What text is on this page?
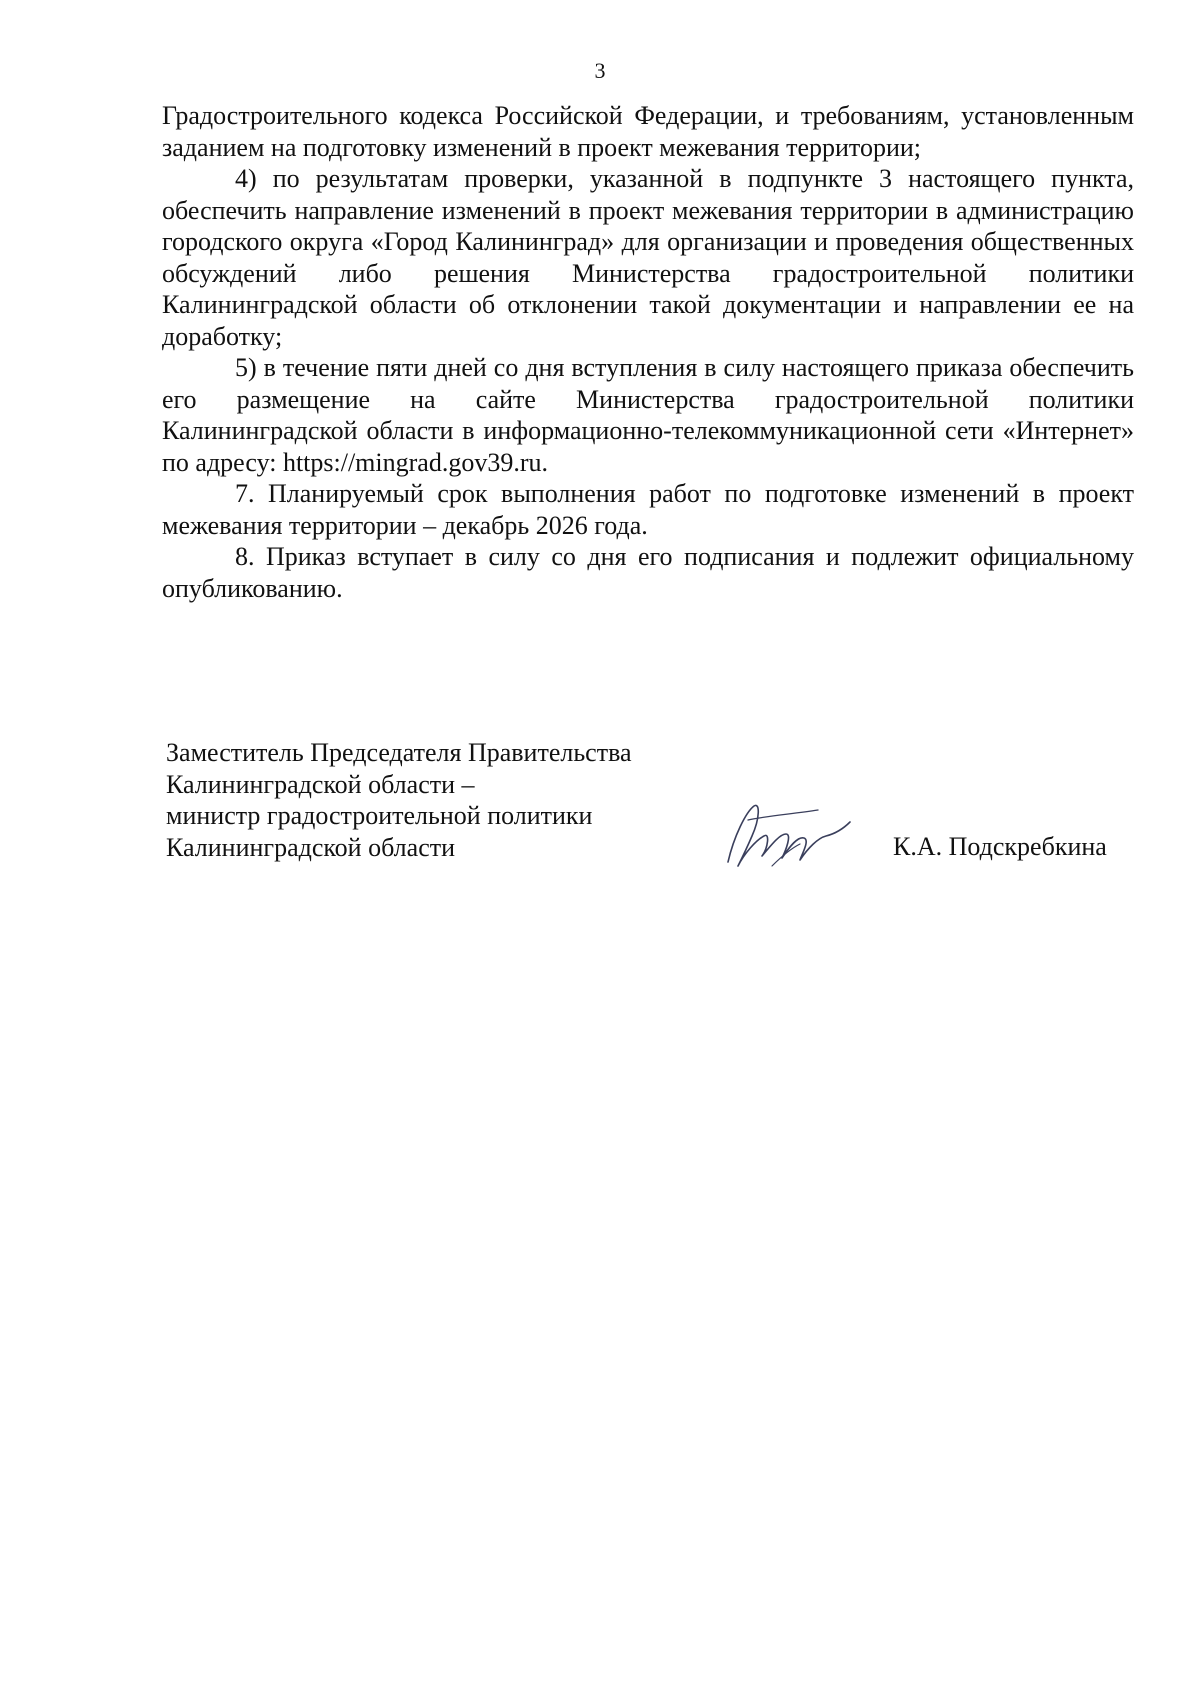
3

Градостроительного кодекса Российской Федерации, и требованиям, установленным заданием на подготовку изменений в проект межевания территории;

4) по результатам проверки, указанной в подпункте 3 настоящего пункта, обеспечить направление изменений в проект межевания территории в администрацию городского округа «Город Калининград» для организации и проведения общественных обсуждений либо решения Министерства градостроительной политики Калининградской области об отклонении такой документации и направлении ее на доработку;

5) в течение пяти дней со дня вступления в силу настоящего приказа обеспечить его размещение на сайте Министерства градостроительной политики Калининградской области в информационно-телекоммуникационной сети «Интернет» по адресу: https://mingrad.gov39.ru.

7. Планируемый срок выполнения работ по подготовке изменений в проект межевания территории – декабрь 2026 года.

8. Приказ вступает в силу со дня его подписания и подлежит официальному опубликованию.

Заместитель Председателя Правительства
Калининградской области –
министр градостроительной политики
Калининградской области	К.А. Подскребкина
